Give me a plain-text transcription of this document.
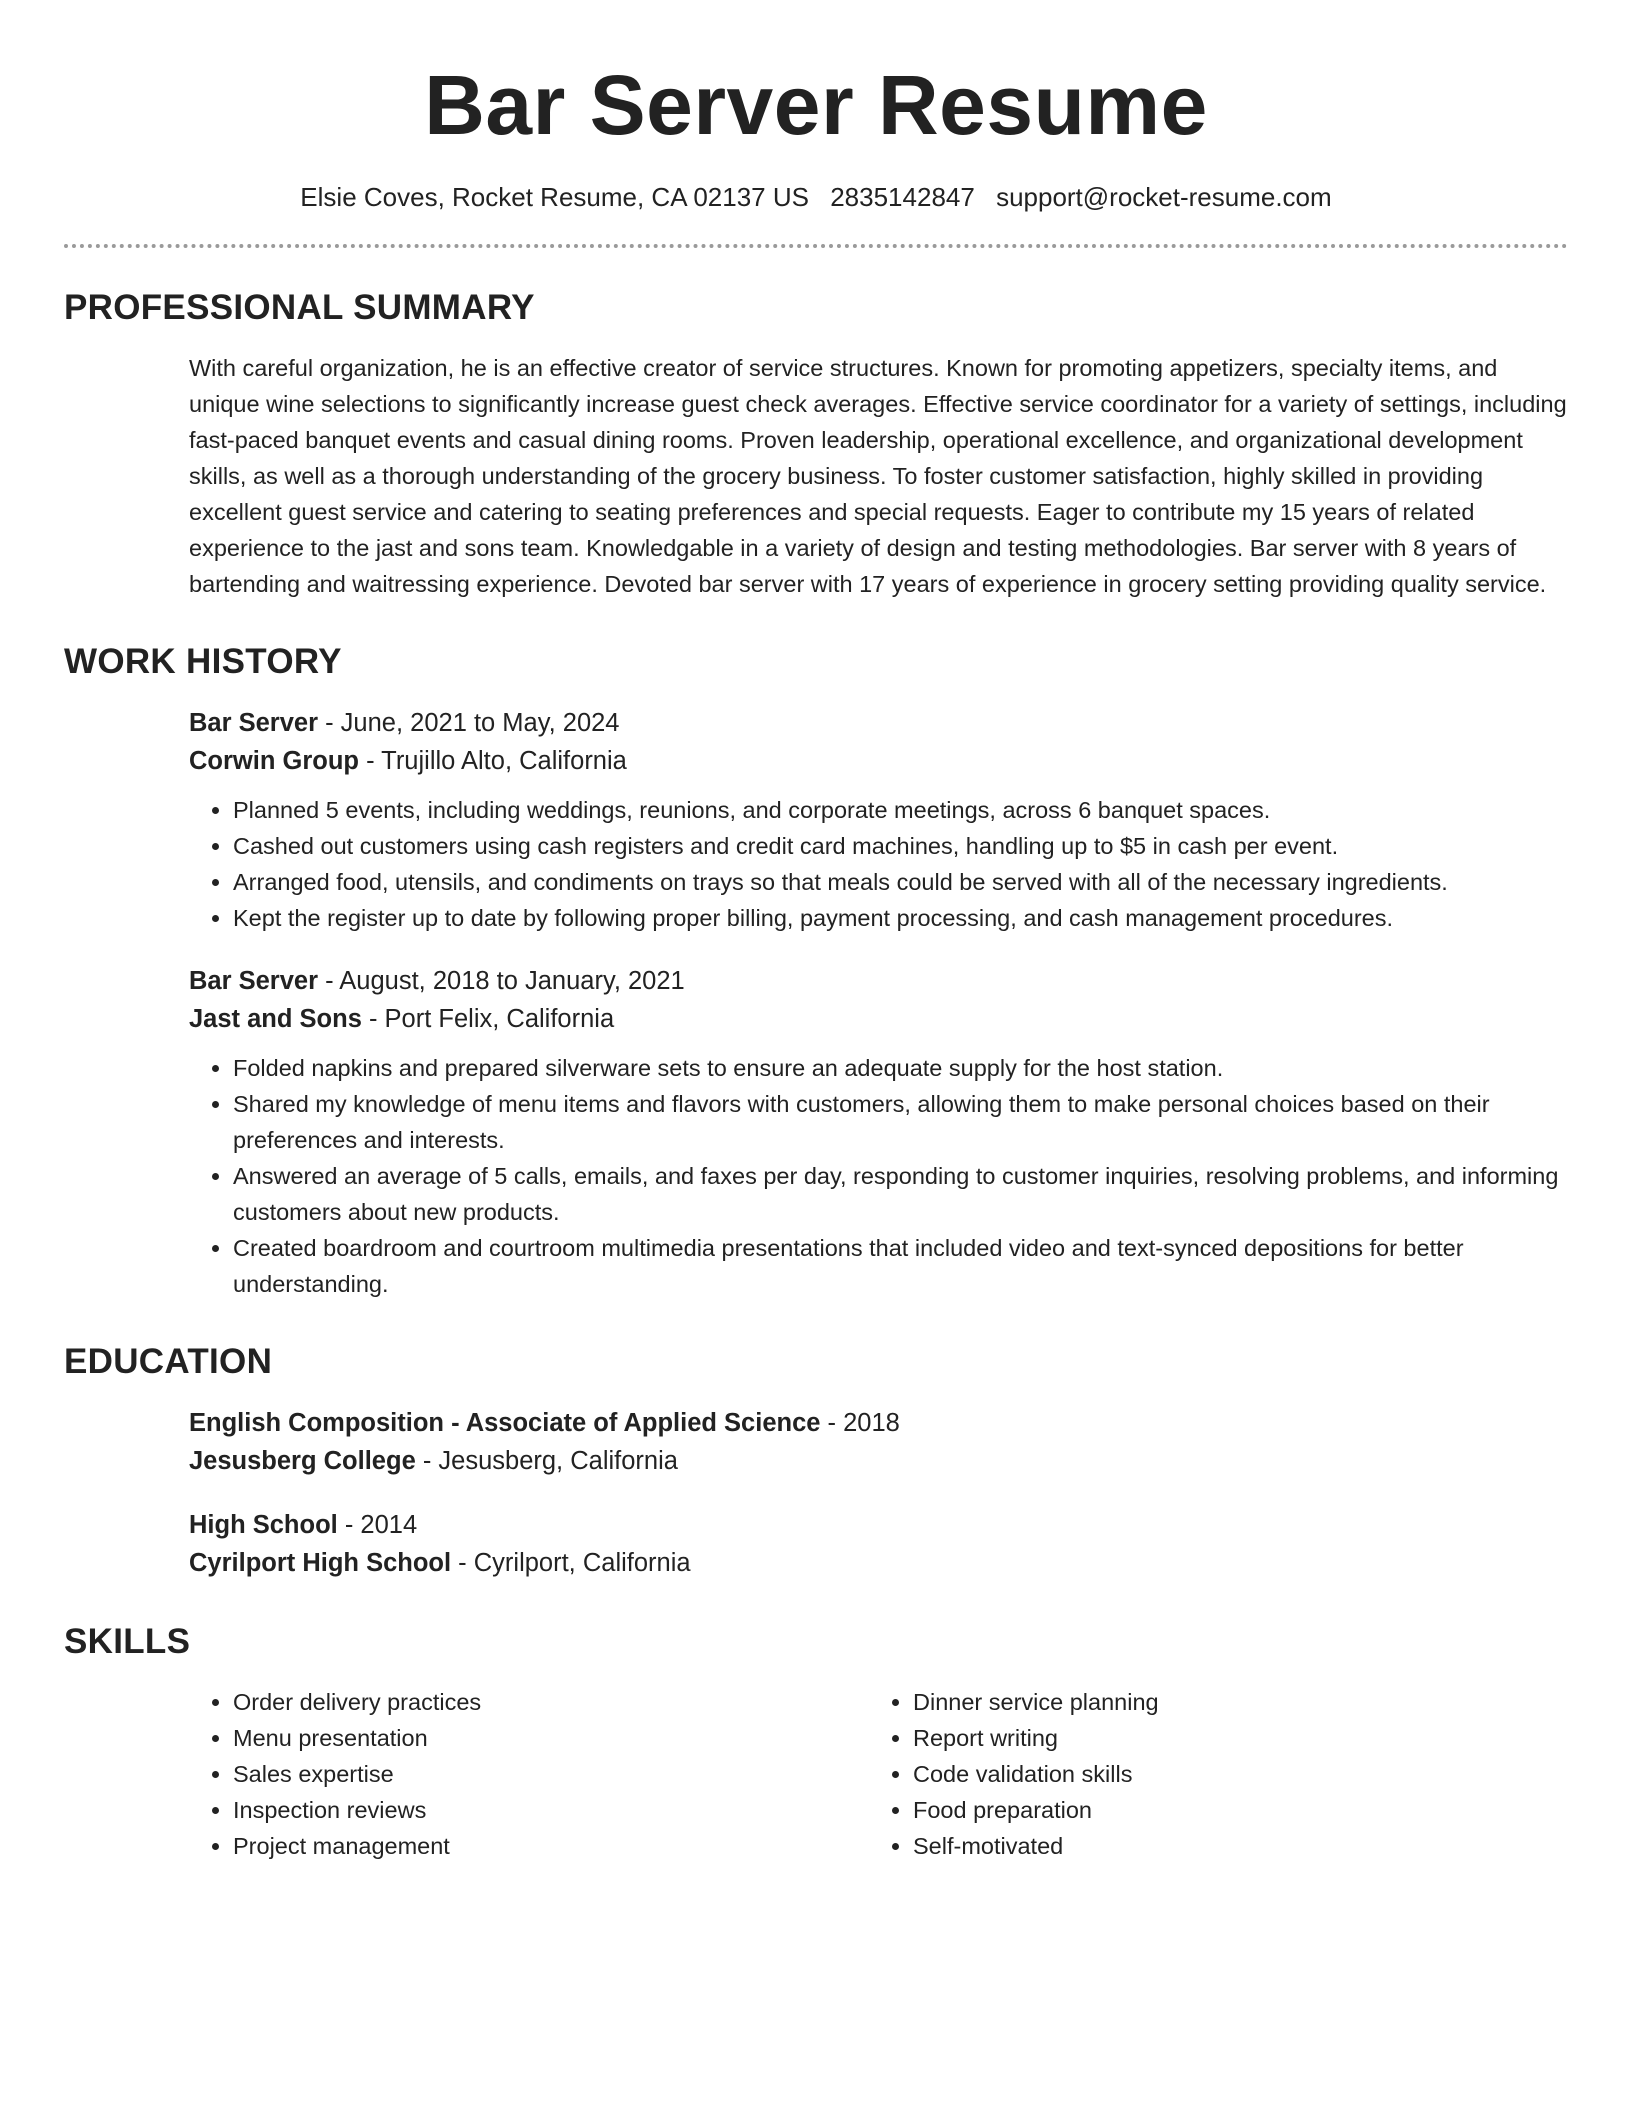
Bar Server Resume
Elsie Coves, Rocket Resume, CA 02137 US 2835142847 support@rocket-resume.com
PROFESSIONAL SUMMARY

With careful organization, he is an effective creator of service structures. Known for promoting appetizers, specialty items, and unique wine selections to significantly increase guest check averages. Effective service coordinator for a variety of settings, including fast-paced banquet events and casual dining rooms. Proven leadership, operational excellence, and organizational development skills, as well as a thorough understanding of the grocery business. To foster customer satisfaction, highly skilled in providing excellent guest service and catering to seating preferences and special requests. Eager to contribute my 15 years of related experience to the jast and sons team. Knowledgable in a variety of design and testing methodologies. Bar server with 8 years of bartending and waitressing experience. Devoted bar server with 17 years of experience in grocery setting providing quality service.

WORK HISTORY
Bar Server - June, 2021 to May, 2024
Corwin Group - Trujillo Alto, California
• Planned 5 events, including weddings, reunions, and corporate meetings, across 6 banquet spaces.
• Cashed out customers using cash registers and credit card machines, handling up to $5 in cash per event.
• Arranged food, utensils, and condiments on trays so that meals could be served with all of the necessary ingredients.
• Kept the register up to date by following proper billing, payment processing, and cash management procedures.
Bar Server - August, 2018 to January, 2021
Jast and Sons - Port Felix, California
• Folded napkins and prepared silverware sets to ensure an adequate supply for the host station.
• Shared my knowledge of menu items and flavors with customers, allowing them to make personal choices based on their preferences and interests.
• Answered an average of 5 calls, emails, and faxes per day, responding to customer inquiries, resolving problems, and informing customers about new products.
• Created boardroom and courtroom multimedia presentations that included video and text-synced depositions for better understanding.
EDUCATION
English Composition - Associate of Applied Science - 2018
Jesusberg College - Jesusberg, California
High School - 2014
Cyrilport High School - Cyrilport, California
SKILLS
• Order delivery practices
• Menu presentation
• Sales expertise
• Inspection reviews
• Project management
• Dinner service planning
• Report writing
• Code validation skills
• Food preparation
• Self-motivated
